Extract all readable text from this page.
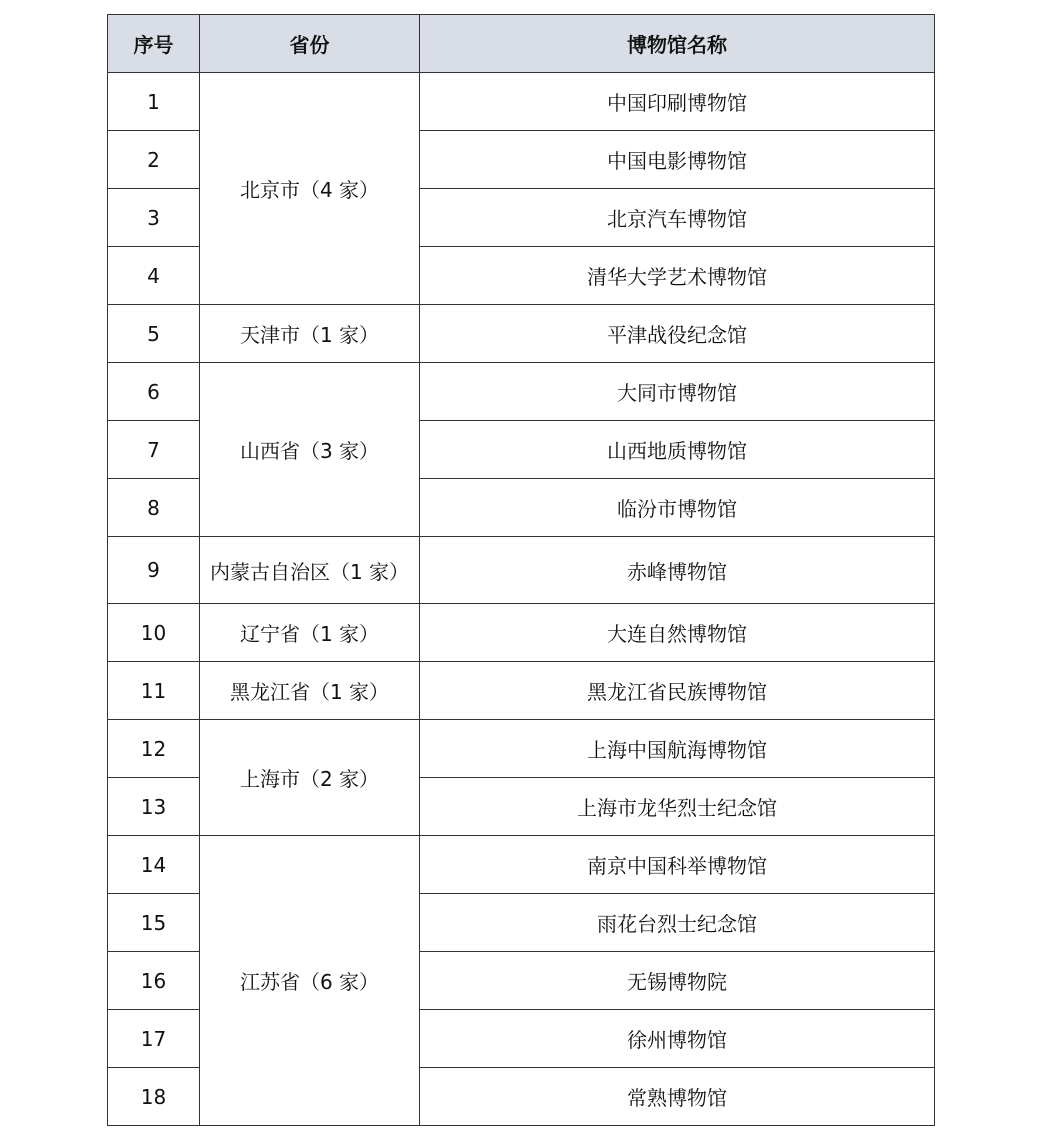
序号	省份	博物馆名称
1	北京市（4 家）	中国印刷博物馆
2		中国电影博物馆
3		北京汽车博物馆
4		清华大学艺术博物馆
5	天津市（1 家）	平津战役纪念馆
6	山西省（3 家）	大同市博物馆
7		山西地质博物馆
8		临汾市博物馆
9	内蒙古自治区（1 家）	赤峰博物馆
10	辽宁省（1 家）	大连自然博物馆
11	黑龙江省（1 家）	黑龙江省民族博物馆
12	上海市（2 家）	上海中国航海博物馆
13		上海市龙华烈士纪念馆
14	江苏省（6 家）	南京中国科举博物馆
15		雨花台烈士纪念馆
16		无锡博物院
17		徐州博物馆
18		常熟博物馆
